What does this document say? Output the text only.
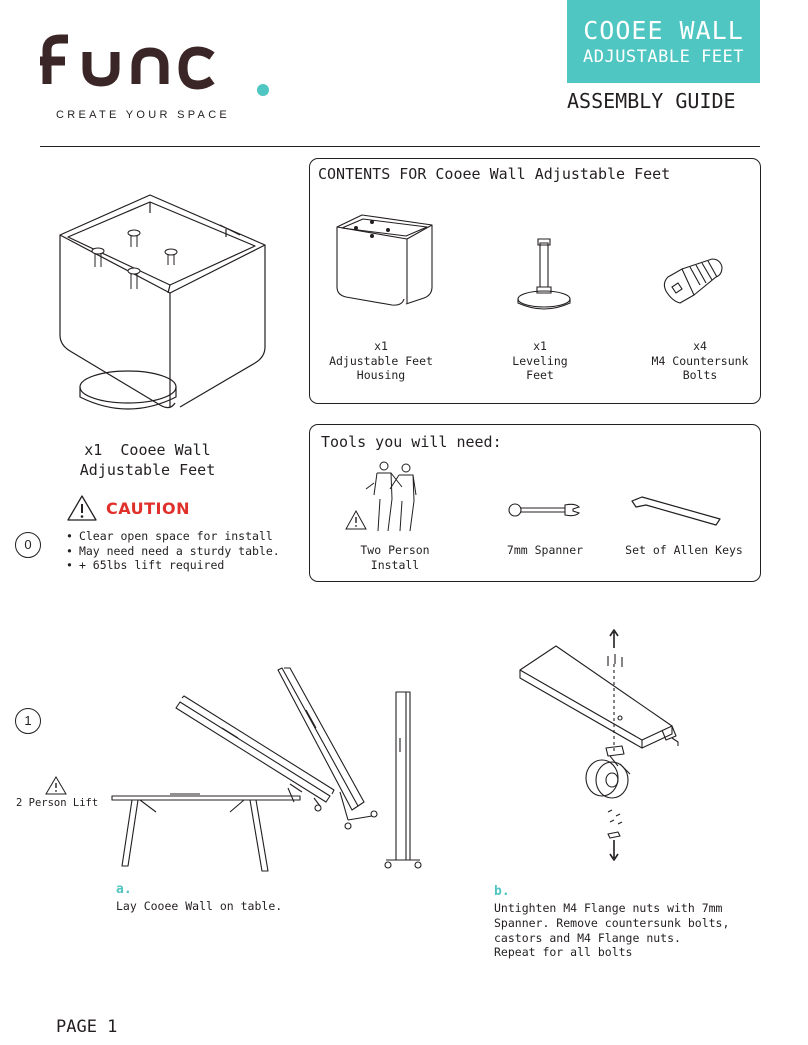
CREATE YOUR SPACE
COOEE WALL
ADJUSTABLE FEET
ASSEMBLY GUIDE
CONTENTS FOR Cooee Wall Adjustable Feet
x1
Adjustable Feet
Housing
x1
Leveling
Feet
x4
M4 Countersunk
Bolts
x1 Cooee Wall
Adjustable Feet
CAUTION
• Clear open space for install
• May need need a sturdy table.
• + 65lbs lift required
0
Tools you will need:
Two Person
Install
7mm Spanner	Set of Allen Keys
1
2 Person Lift
a.
Lay Cooee Wall on table.
b.
Untighten M4 Flange nuts with 7mm
Spanner. Remove countersunk bolts,
castors and M4 Flange nuts.
Repeat for all bolts
PAGE 1
